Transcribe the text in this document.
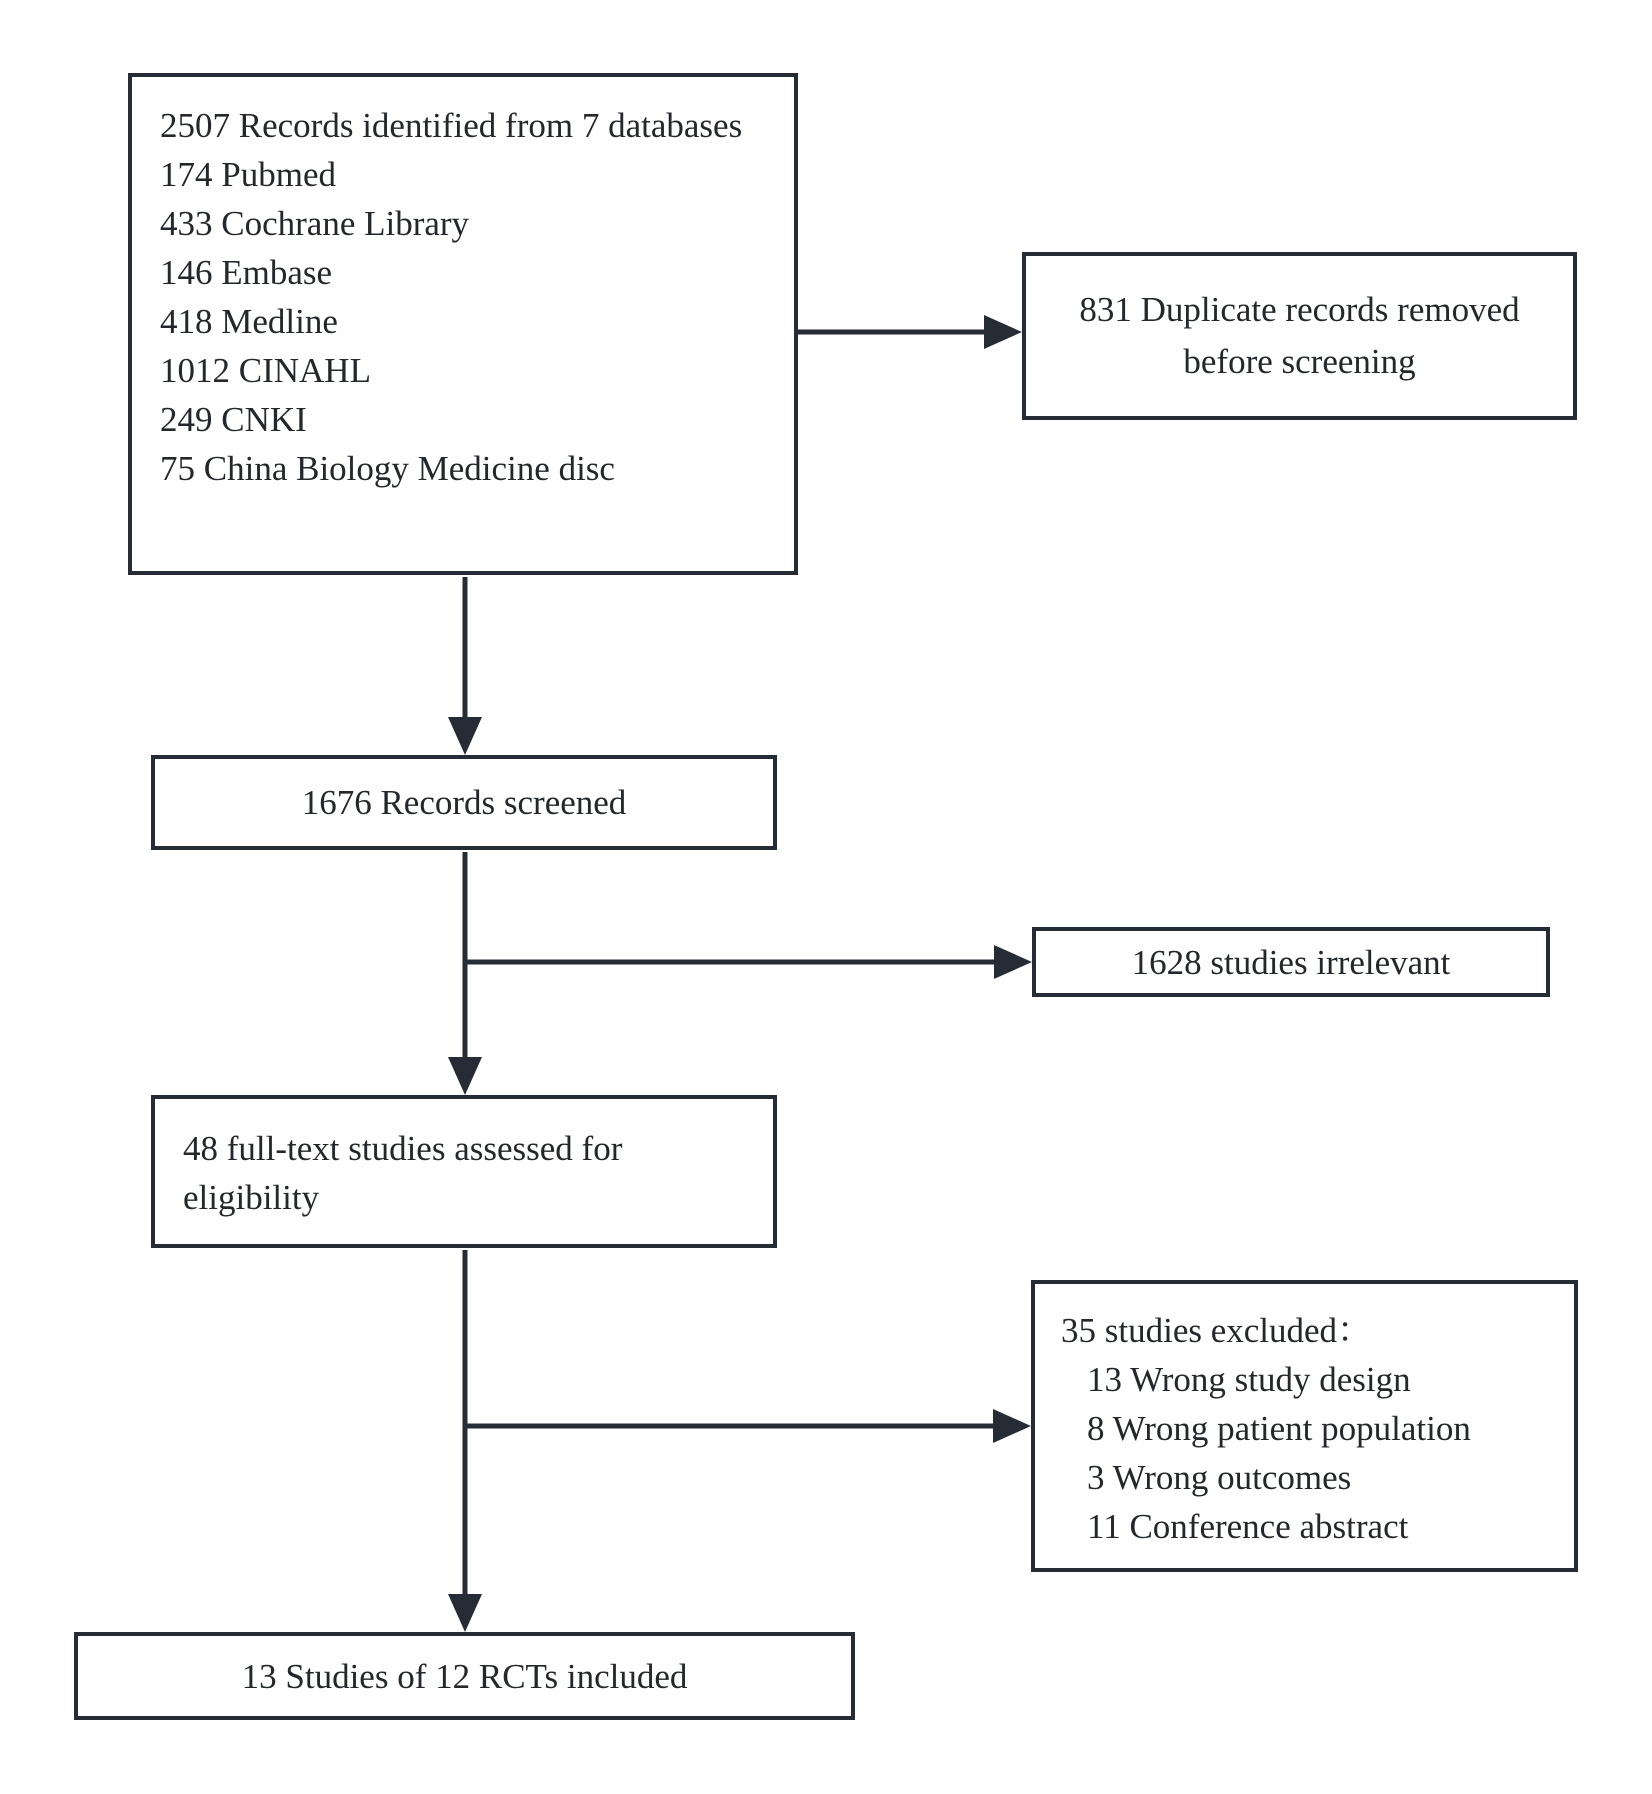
2507 Records identified from 7 databases
174 Pubmed
433 Cochrane Library
146 Embase
418 Medline
1012 CINAHL
249 CNKI
75 China Biology Medicine disc
831 Duplicate records removed before screening
1676 Records screened
1628 studies irrelevant
48 full-text studies assessed for eligibility
35 studies excluded：
13 Wrong study design
8 Wrong patient population
3 Wrong outcomes
11 Conference abstract
13 Studies of 12 RCTs included
